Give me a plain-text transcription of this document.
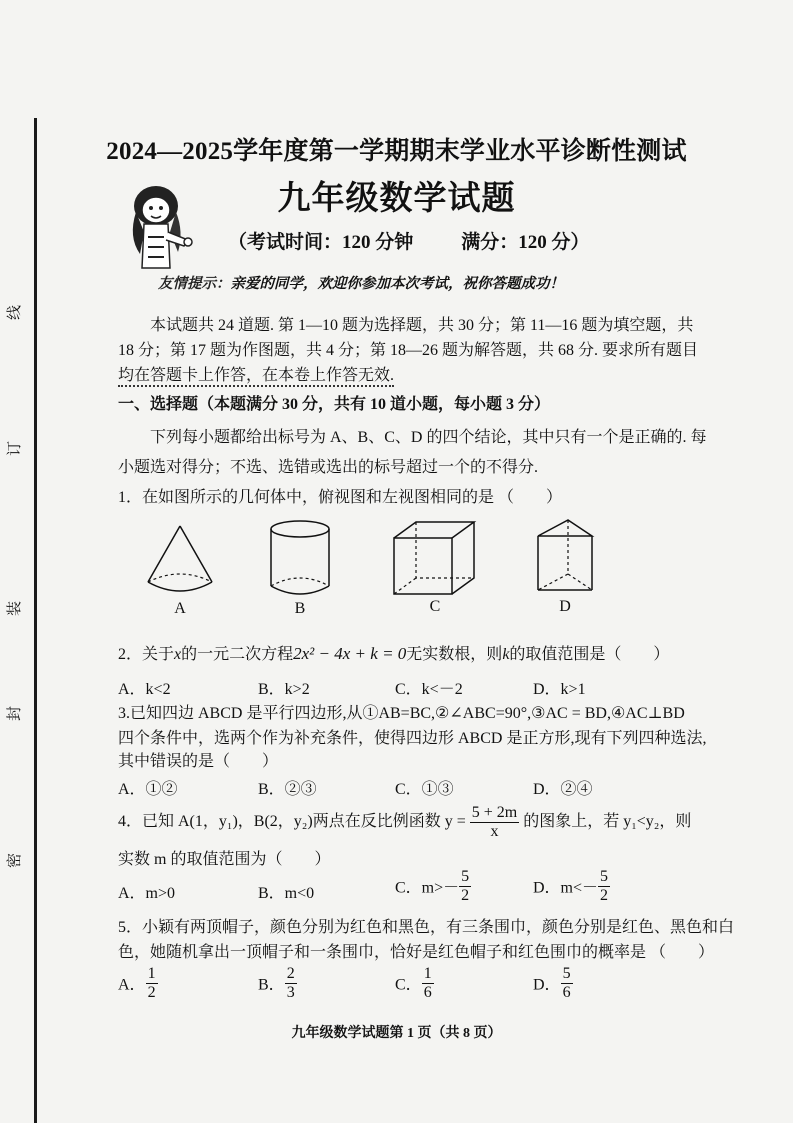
线
订
装
封
密
2024—2025学年度第一学期期末学业水平诊断性测试
九年级数学试题
（考试时间：120 分钟	满分：120 分）
友情提示：亲爱的同学，欢迎你参加本次考试，祝你答题成功！
本试题共 24 道题. 第 1—10 题为选择题，共 30 分；第 11—16 题为填空题，共
18 分；第 17 题为作图题，共 4 分；第 18—26 题为解答题，共 68 分. 要求所有题目
均在答题卡上作答，在本卷上作答无效.
一、选择题（本题满分 30 分，共有 10 道小题，每小题 3 分）
下列每小题都给出标号为 A、B、C、D 的四个结论，其中只有一个是正确的. 每
小题选对得分；不选、选错或选出的标号超过一个的不得分.
1．在如图所示的几何体中，俯视图和左视图相同的是 （　　）
A	B	C	D
2．关于x的一元二次方程2x² − 4x + k = 0无实数根，则k的取值范围是（　　）
A．k<2	B．k>2	C．k<－2	D．k>1
3.已知四边 ABCD 是平行四边形,从①AB=BC,②∠ABC=90°,③AC = BD,④AC⊥BD
四个条件中，选两个作为补充条件，使得四边形 ABCD 是正方形,现有下列四种选法,
其中错误的是（　　）
A．①②	B．②③	C．①③	D．②④
4．已知 A(1，y₁)，B(2，y₂)两点在反比例函数 $y = \frac{5 + 2m}{x}$ 的图象上，若 y₁<y₂，则
实数 m 的取值范围为（　　）
A．m>0	B．m<0	C．$m>- \frac{5}{2}$	D．$m<- \frac{5}{2}$
5．小颖有两顶帽子，颜色分别为红色和黑色，有三条围巾，颜色分别是红色、黑色和白
色，她随机拿出一顶帽子和一条围巾，恰好是红色帽子和红色围巾的概率是 （　　）
A． $\frac{1}{2}$	B． $\frac{2}{3}$	C． $\frac{1}{6}$	D． $\frac{5}{6}$
九年级数学试题第 1 页（共 8 页）
